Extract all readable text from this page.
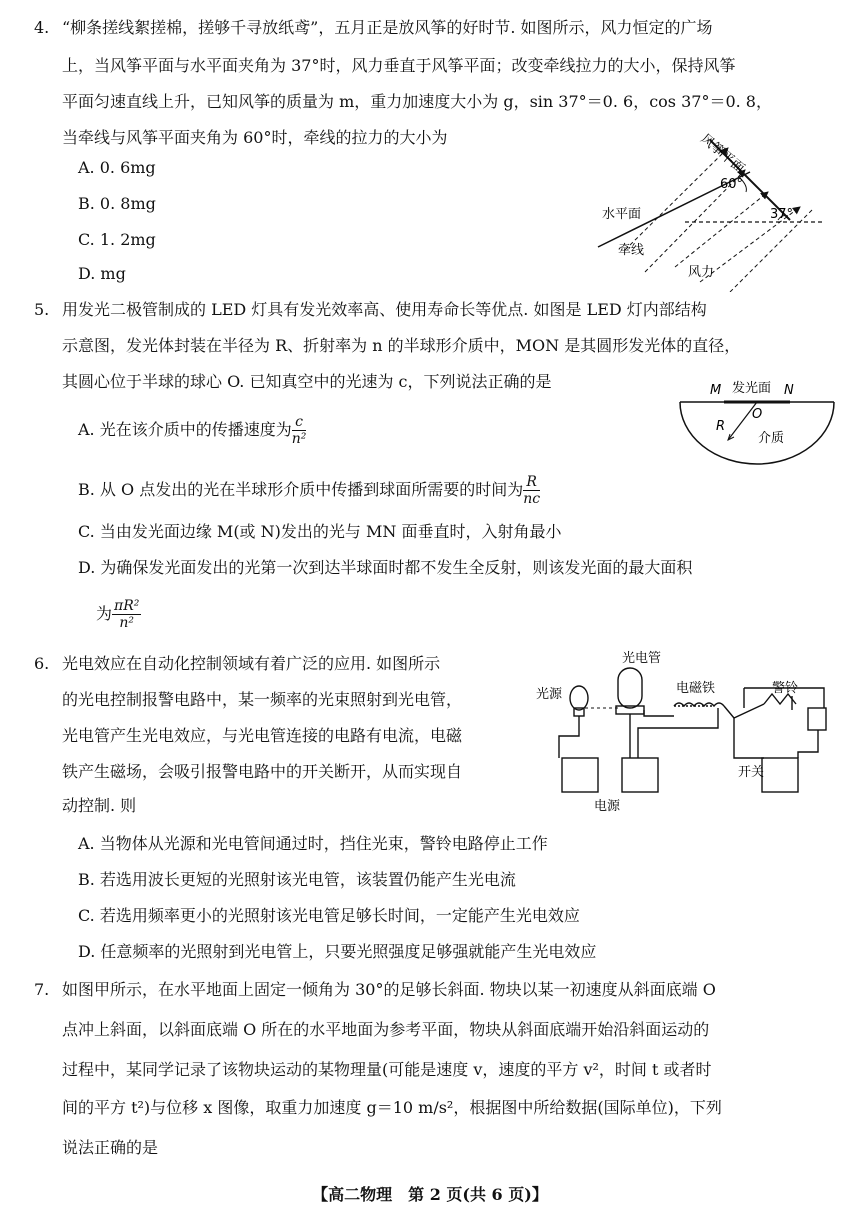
4. “柳条搓线絮搓棉，搓够千寻放纸鸢”，五月正是放风筝的好时节. 如图所示，风力恒定的广场
上，当风筝平面与水平面夹角为 37°时，风力垂直于风筝平面；改变牵线拉力的大小，保持风筝
平面匀速直线上升，已知风筝的质量为 m，重力加速度大小为 g，sin 37°＝0. 6，cos 37°＝0. 8，
当牵线与风筝平面夹角为 60°时，牵线的拉力的大小为
A. 0. 6mg
B. 0. 8mg
C. 1. 2mg
D. mg
风筝平面
60°
37°
水平面
牵线
风力
5. 用发光二极管制成的 LED 灯具有发光效率高、使用寿命长等优点. 如图是 LED 灯内部结构
示意图，发光体封装在半径为 R、折射率为 n 的半球形介质中，MON 是其圆形发光体的直径，
其圆心位于半球的球心 O. 已知真空中的光速为 c，下列说法正确的是
A. 光在该介质中的传播速度为 $\frac{c}{\text{n²}}$
B. 从 O 点发出的光在半球形介质中传播到球面所需要的时间为 $\frac{R}{nc}$
C. 当由发光面边缘 M(或 N)发出的光与 MN 面垂直时，入射角最小
D. 为确保发光面发出的光第一次到达半球面时都不发生全反射，则该发光面的最大面积
为 $\frac{\text{πR²}}{\text{n²}}$
M 发光面 N
O
R
介质
6. 光电效应在自动化控制领域有着广泛的应用. 如图所示
的光电控制报警电路中，某一频率的光束照射到光电管，
光电管产生光电效应，与光电管连接的电路有电流，电磁
铁产生磁场，会吸引报警电路中的开关断开，从而实现自
动控制. 则
A. 当物体从光源和光电管间通过时，挡住光束，警铃电路停止工作
B. 若选用波长更短的光照射该光电管，该装置仍能产生光电流
C. 若选用频率更小的光照射该光电管足够长时间，一定能产生光电效应
D. 任意频率的光照射到光电管上，只要光照强度足够强就能产生光电效应
光电管
光源	电磁铁	警铃
开关
电源
7. 如图甲所示，在水平地面上固定一倾角为 30°的足够长斜面. 物块以某一初速度从斜面底端 O
点冲上斜面，以斜面底端 O 所在的水平地面为参考平面，物块从斜面底端开始沿斜面运动的
过程中，某同学记录了该物块运动的某物理量(可能是速度 v，速度的平方 v²，时间 t 或者时
间的平方 t²)与位移 x 图像，取重力加速度 g＝10 m/s²，根据图中所给数据(国际单位)，下列
说法正确的是
【高二物理　第 2 页(共 6 页)】
